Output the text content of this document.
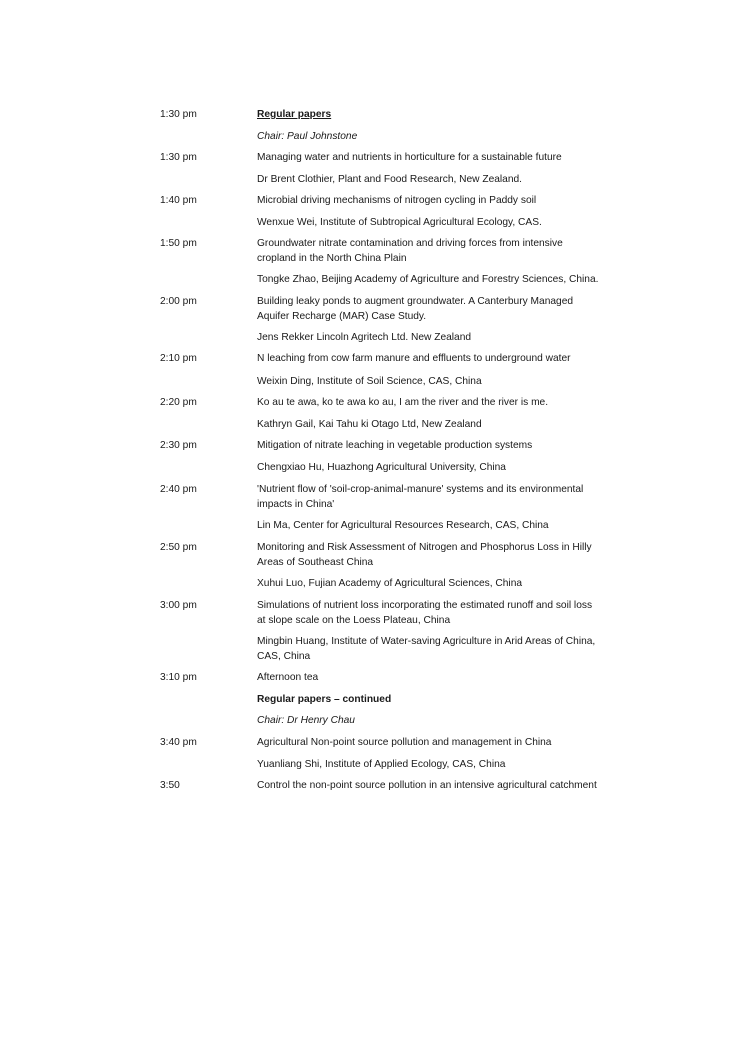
1:30 pm	Regular papers
Chair: Paul Johnstone
1:30 pm	Managing water and nutrients in horticulture for a sustainable future
Dr Brent Clothier, Plant and Food Research, New Zealand.
1:40 pm	Microbial driving mechanisms of nitrogen cycling in Paddy soil
Wenxue Wei, Institute of Subtropical Agricultural Ecology, CAS.
1:50 pm	Groundwater nitrate contamination and driving forces from intensive cropland in the North China Plain
Tongke Zhao, Beijing Academy of Agriculture and Forestry Sciences, China.
2:00 pm	Building leaky ponds to augment groundwater. A Canterbury Managed Aquifer Recharge (MAR) Case Study.
Jens Rekker Lincoln Agritech Ltd. New Zealand
2:10 pm	N leaching from cow farm manure and effluents to underground water
Weixin Ding, Institute of Soil Science, CAS, China
2:20 pm	Ko au te awa, ko te awa ko au, I am the river and the river is me.
Kathryn Gail, Kai Tahu ki Otago Ltd, New Zealand
2:30 pm	Mitigation of nitrate leaching in vegetable production systems
Chengxiao Hu, Huazhong Agricultural University, China
2:40 pm	'Nutrient flow of 'soil-crop-animal-manure' systems and its environmental impacts in China'
Lin Ma, Center for Agricultural Resources Research, CAS, China
2:50 pm	Monitoring and Risk Assessment of Nitrogen and Phosphorus Loss in Hilly Areas of Southeast China
Xuhui Luo, Fujian Academy of Agricultural Sciences, China
3:00 pm	Simulations of nutrient loss incorporating the estimated runoff and soil loss at slope scale on the Loess Plateau, China
Mingbin Huang, Institute of Water-saving Agriculture in Arid Areas of China, CAS, China
3:10 pm	Afternoon tea
Regular papers – continued
Chair: Dr Henry Chau
3:40 pm	Agricultural Non-point source pollution and management in China
Yuanliang Shi, Institute of Applied Ecology, CAS, China
3:50	Control the non-point source pollution in an intensive agricultural catchment
